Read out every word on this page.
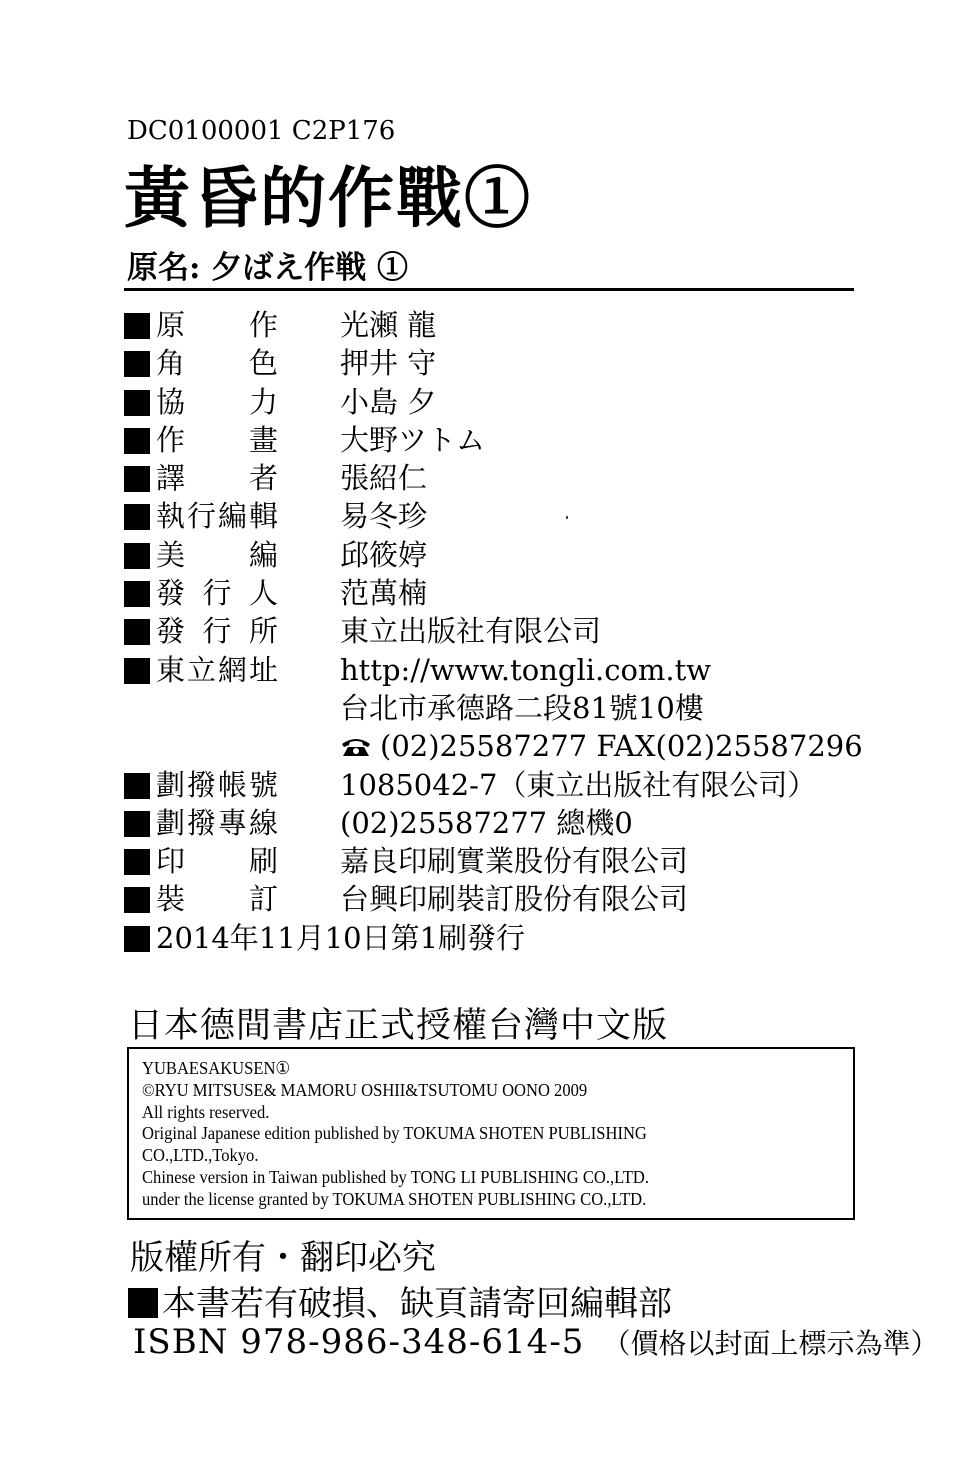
DC0100001 C2P176
黃昏的作戰①
原名: 夕ばえ作戦 ①
原 作 光瀬 龍
角 色 押井 守
協 力 小島 夕
作 畫 大野ツトム
譯 者 張紹仁
執 行 編 輯 易冬珍
美 編 邱筱婷
發 行 人 范萬楠
發 行 所 東立出版社有限公司
東 立 網 址 http://www.tongli.com.tw
台北市承德路二段81號10樓
(02)25587277 FAX(02)25587296
劃 撥 帳 號 1085042-7（東立出版社有限公司）
劃 撥 專 線 (02)25587277 總機0
印 刷 嘉良印刷實業股份有限公司
裝 訂 台興印刷裝訂股份有限公司
2014年11月10日第1刷發行
日本德間書店正式授權台灣中文版
YUBAESAKUSEN①
©RYU MITSUSE& MAMORU OSHII&TSUTOMU OONO 2009
All rights reserved.
Original Japanese edition published by TOKUMA SHOTEN PUBLISHING
CO.,LTD.,Tokyo.
Chinese version in Taiwan published by TONG LI PUBLISHING CO.,LTD.
under the license granted by TOKUMA SHOTEN PUBLISHING CO.,LTD.
版權所有・翻印必究
本書若有破損、缺頁請寄回編輯部
ISBN 978-986-348-614-5 （價格以封面上標示為準）
